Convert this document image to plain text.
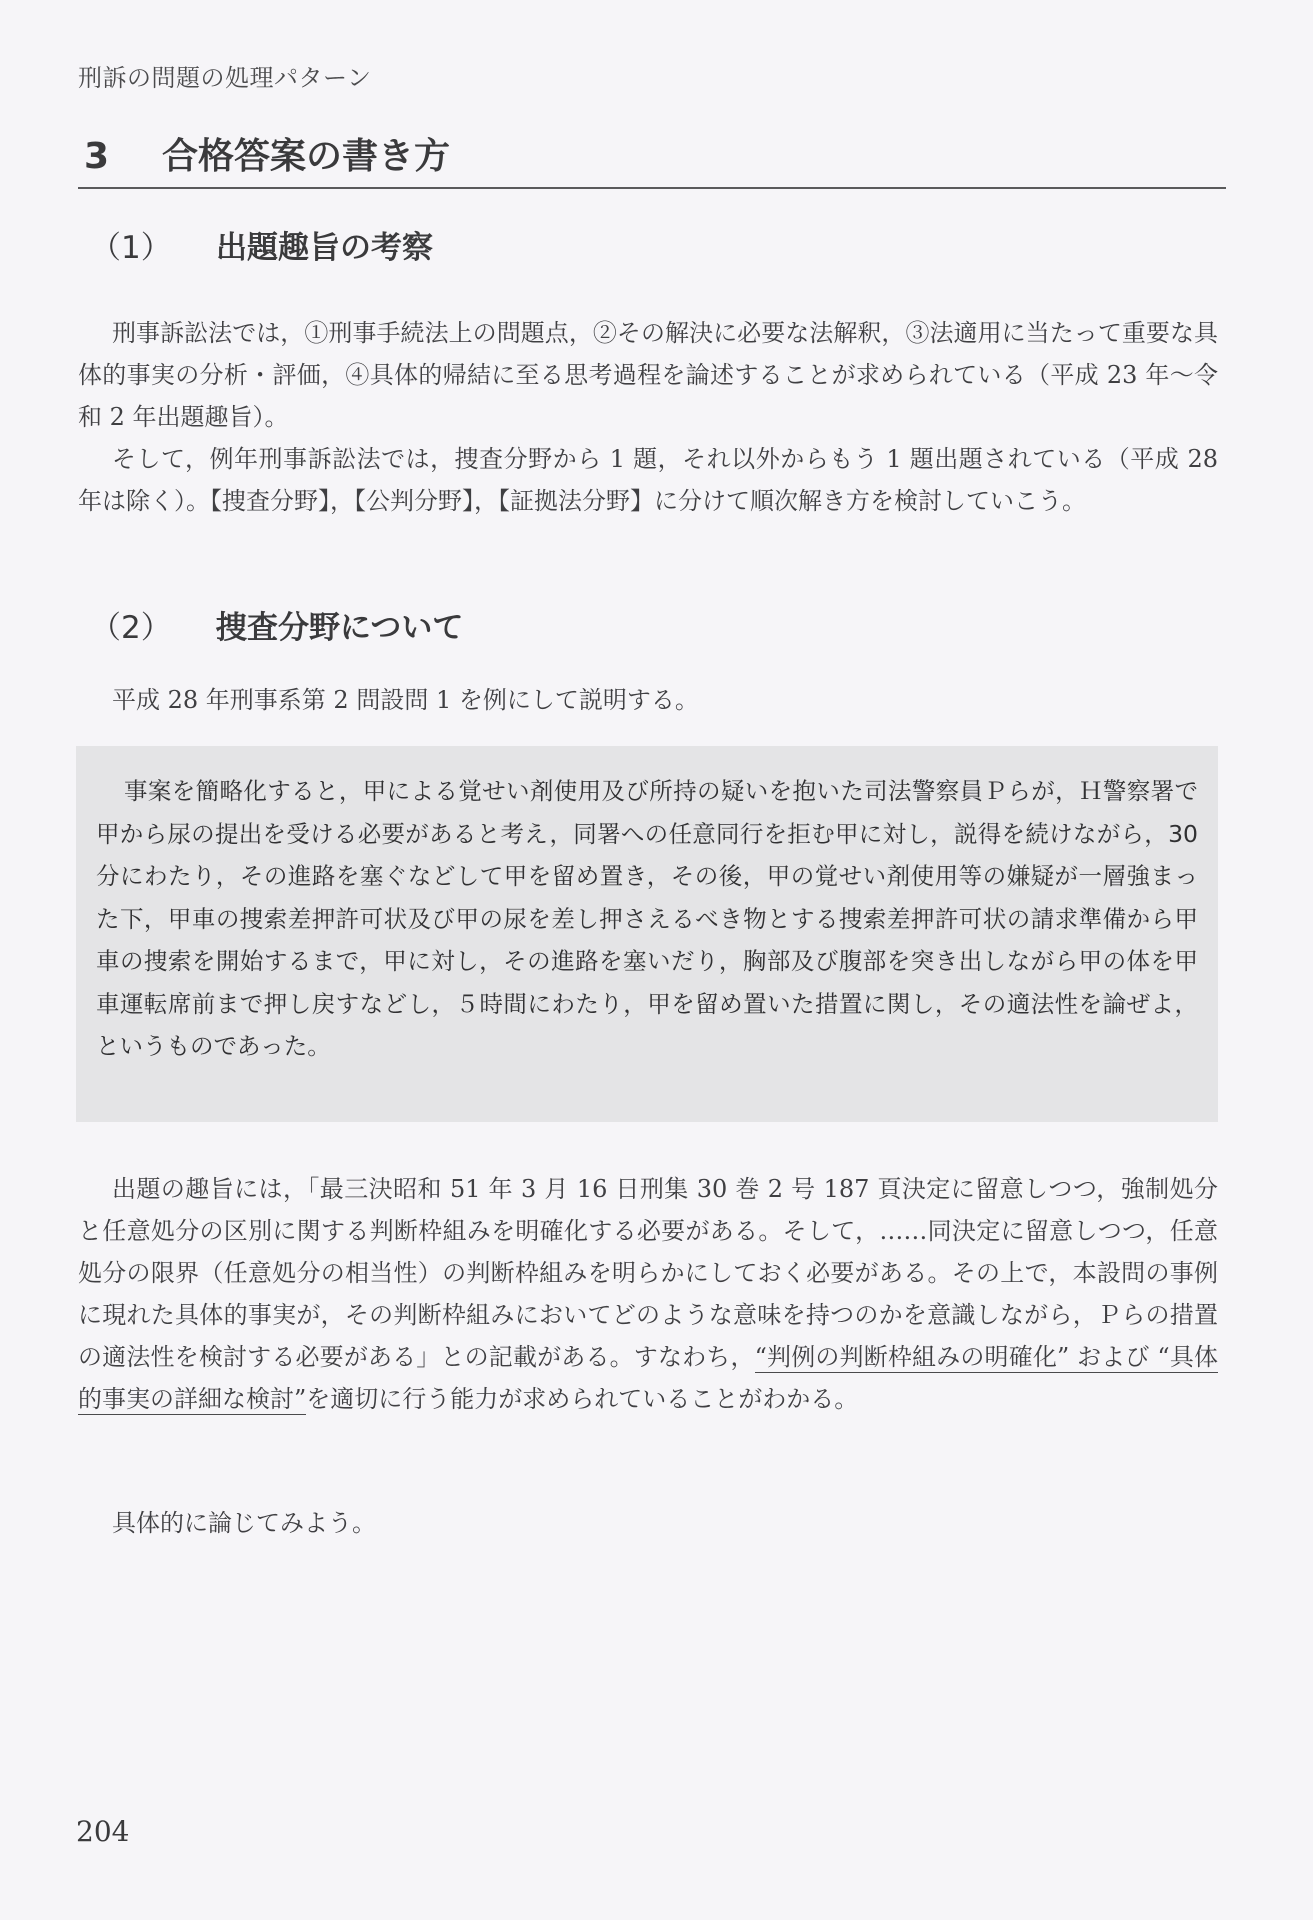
刑訴の問題の処理パターン
3 合格答案の書き方
（1） 出題趣旨の考察

刑事訴訟法では，①刑事手続法上の問題点，②その解決に必要な法解釈，③法適用に当たって重要な具体的事実の分析・評価，④具体的帰結に至る思考過程を論述することが求められている（平成 23 年～令和 2 年出題趣旨）。

そして，例年刑事訴訟法では，捜査分野から 1 題，それ以外からもう 1 題出題されている（平成 28 年は除く）。【捜査分野】，【公判分野】，【証拠法分野】に分けて順次解き方を検討していこう。

（2） 捜査分野について

平成 28 年刑事系第 2 問設問 1 を例にして説明する。

事案を簡略化すると，甲による覚せい剤使用及び所持の疑いを抱いた司法警察員Ｐらが，Ｈ警察署で甲から尿の提出を受ける必要があると考え，同署への任意同行を拒む甲に対し，説得を続けながら，30 分にわたり，その進路を塞ぐなどして甲を留め置き，その後，甲の覚せい剤使用等の嫌疑が一層強まった下，甲車の捜索差押許可状及び甲の尿を差し押さえるべき物とする捜索差押許可状の請求準備から甲車の捜索を開始するまで，甲に対し，その進路を塞いだり，胸部及び腹部を突き出しながら甲の体を甲車運転席前まで押し戻すなどし，５時間にわたり，甲を留め置いた措置に関し，その適法性を論ぜよ，というものであった。

出題の趣旨には，「最三決昭和 51 年 3 月 16 日刑集 30 巻 2 号 187 頁決定に留意しつつ，強制処分と任意処分の区別に関する判断枠組みを明確化する必要がある。そして，……同決定に留意しつつ，任意処分の限界（任意処分の相当性）の判断枠組みを明らかにしておく必要がある。その上で，本設問の事例に現れた具体的事実が，その判断枠組みにおいてどのような意味を持つのかを意識しながら，Ｐらの措置の適法性を検討する必要がある」との記載がある。すなわち，“判例の判断枠組みの明確化” および “具体的事実の詳細な検討”を適切に行う能力が求められていることがわかる。

具体的に論じてみよう。

204
